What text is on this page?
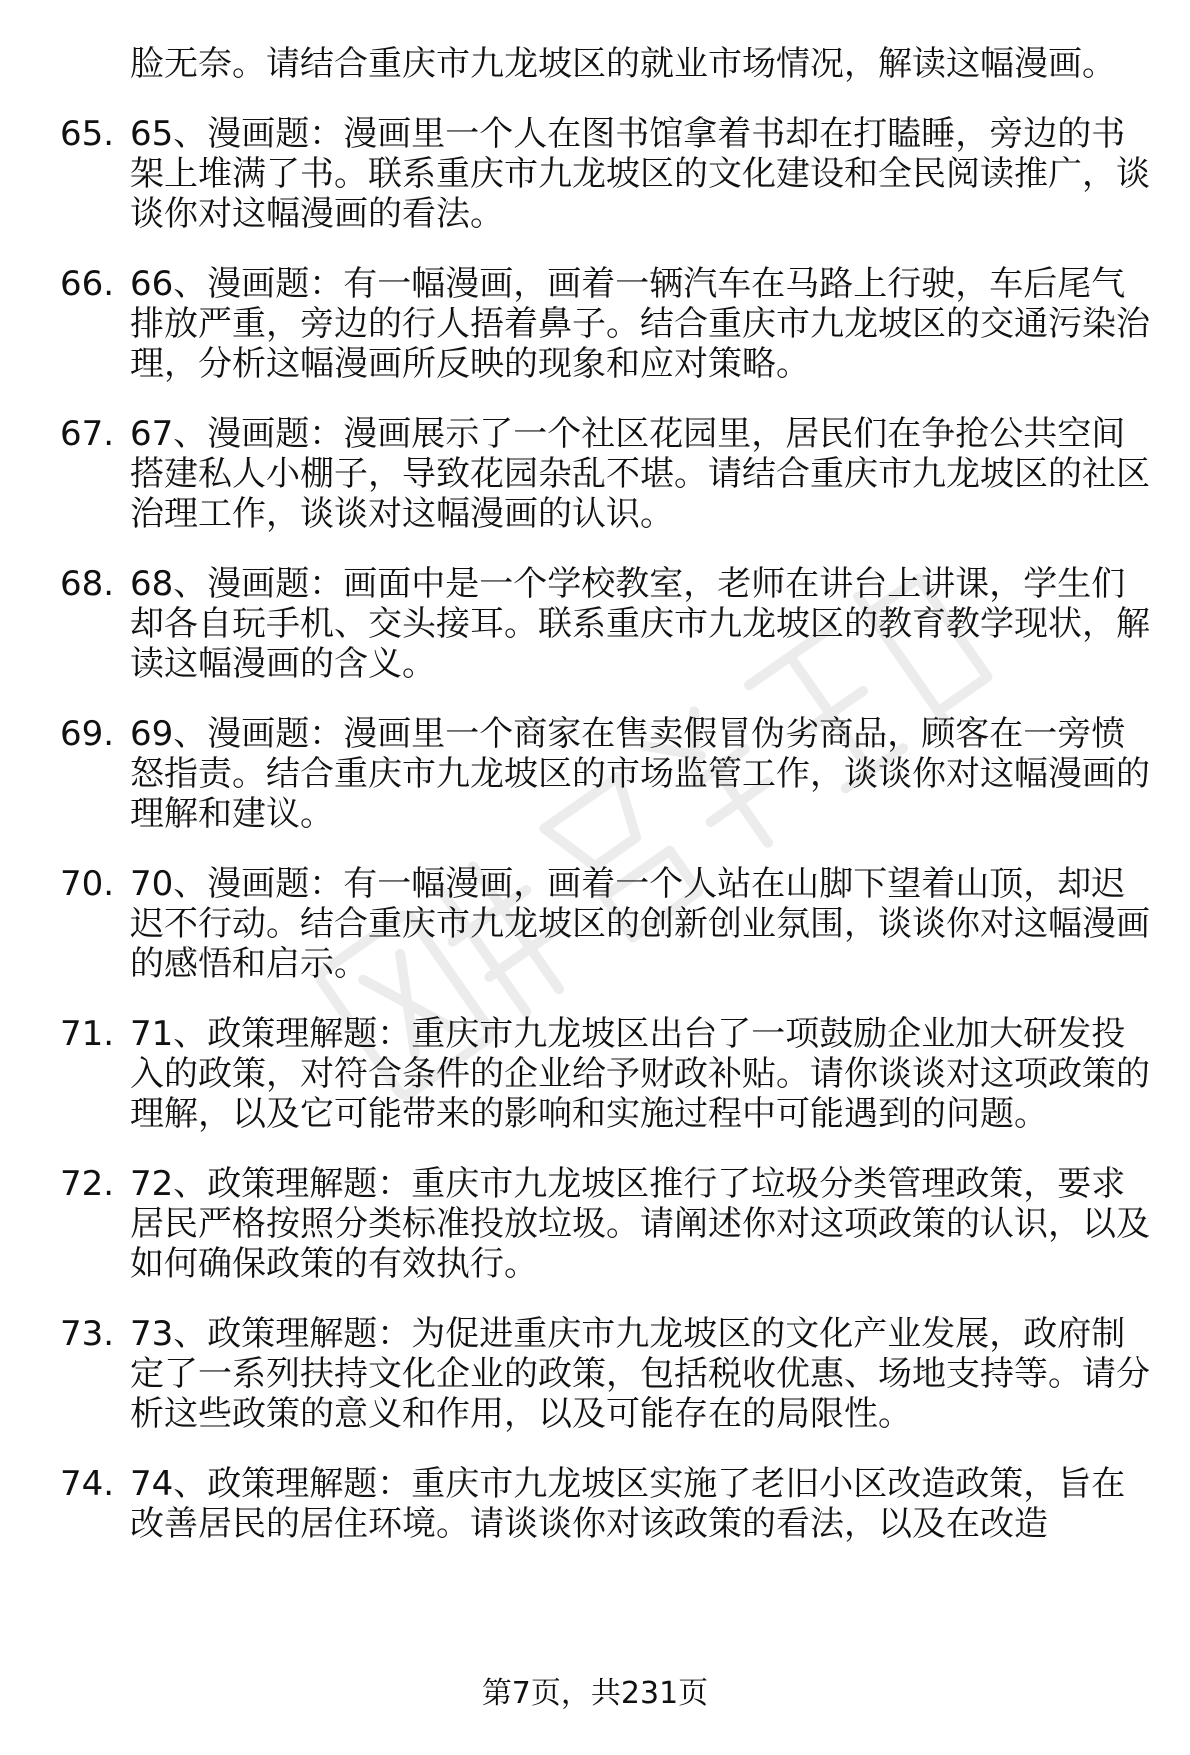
脸无奈。请结合重庆市九龙坡区的就业市场情况，解读这幅漫画。
65. 65、漫画题：漫画里一个人在图书馆拿着书却在打瞌睡，旁边的书架上堆满了书。联系重庆市九龙坡区的文化建设和全民阅读推广，谈谈你对这幅漫画的看法。
66. 66、漫画题：有一幅漫画，画着一辆汽车在马路上行驶，车后尾气排放严重，旁边的行人捂着鼻子。结合重庆市九龙坡区的交通污染治理，分析这幅漫画所反映的现象和应对策略。
67. 67、漫画题：漫画展示了一个社区花园里，居民们在争抢公共空间搭建私人小棚子，导致花园杂乱不堪。请结合重庆市九龙坡区的社区治理工作，谈谈对这幅漫画的认识。
68. 68、漫画题：画面中是一个学校教室，老师在讲台上讲课，学生们却各自玩手机、交头接耳。联系重庆市九龙坡区的教育教学现状，解读这幅漫画的含义。
69. 69、漫画题：漫画里一个商家在售卖假冒伪劣商品，顾客在一旁愤怒指责。结合重庆市九龙坡区的市场监管工作，谈谈你对这幅漫画的理解和建议。
70. 70、漫画题：有一幅漫画，画着一个人站在山脚下望着山顶，却迟迟不行动。结合重庆市九龙坡区的创新创业氛围，谈谈你对这幅漫画的感悟和启示。
71. 71、政策理解题：重庆市九龙坡区出台了一项鼓励企业加大研发投入的政策，对符合条件的企业给予财政补贴。请你谈谈对这项政策的理解，以及它可能带来的影响和实施过程中可能遇到的问题。
72. 72、政策理解题：重庆市九龙坡区推行了垃圾分类管理政策，要求居民严格按照分类标准投放垃圾。请阐述你对这项政策的认识，以及如何确保政策的有效执行。
73. 73、政策理解题：为促进重庆市九龙坡区的文化产业发展，政府制定了一系列扶持文化企业的政策，包括税收优惠、场地支持等。请分析这些政策的意义和作用，以及可能存在的局限性。
74. 74、政策理解题：重庆市九龙坡区实施了老旧小区改造政策，旨在改善居民的居住环境。请谈谈你对该政策的看法，以及在改造
第7页，共231页
